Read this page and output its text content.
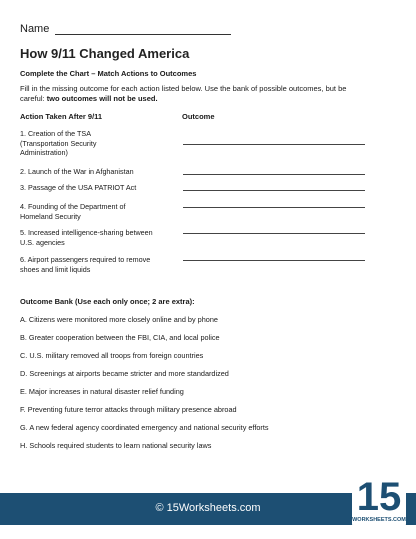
Name
How 9/11 Changed America
Complete the Chart – Match Actions to Outcomes
Fill in the missing outcome for each action listed below. Use the bank of possible outcomes, but be careful: two outcomes will not be used.
Action Taken After 9/11	Outcome
1. Creation of the TSA (Transportation Security Administration)
2. Launch of the War in Afghanistan
3. Passage of the USA PATRIOT Act
4. Founding of the Department of Homeland Security
5. Increased intelligence-sharing between U.S. agencies
6. Airport passengers required to remove shoes and limit liquids
Outcome Bank (Use each only once; 2 are extra):
A. Citizens were monitored more closely online and by phone
B. Greater cooperation between the FBI, CIA, and local police
C. U.S. military removed all troops from foreign countries
D. Screenings at airports became stricter and more standardized
E. Major increases in natural disaster relief funding
F. Preventing future terror attacks through military presence abroad
G. A new federal agency coordinated emergency and national security efforts
H. Schools required students to learn national security laws
© 15Worksheets.com	15
WORKSHEETS.COM
